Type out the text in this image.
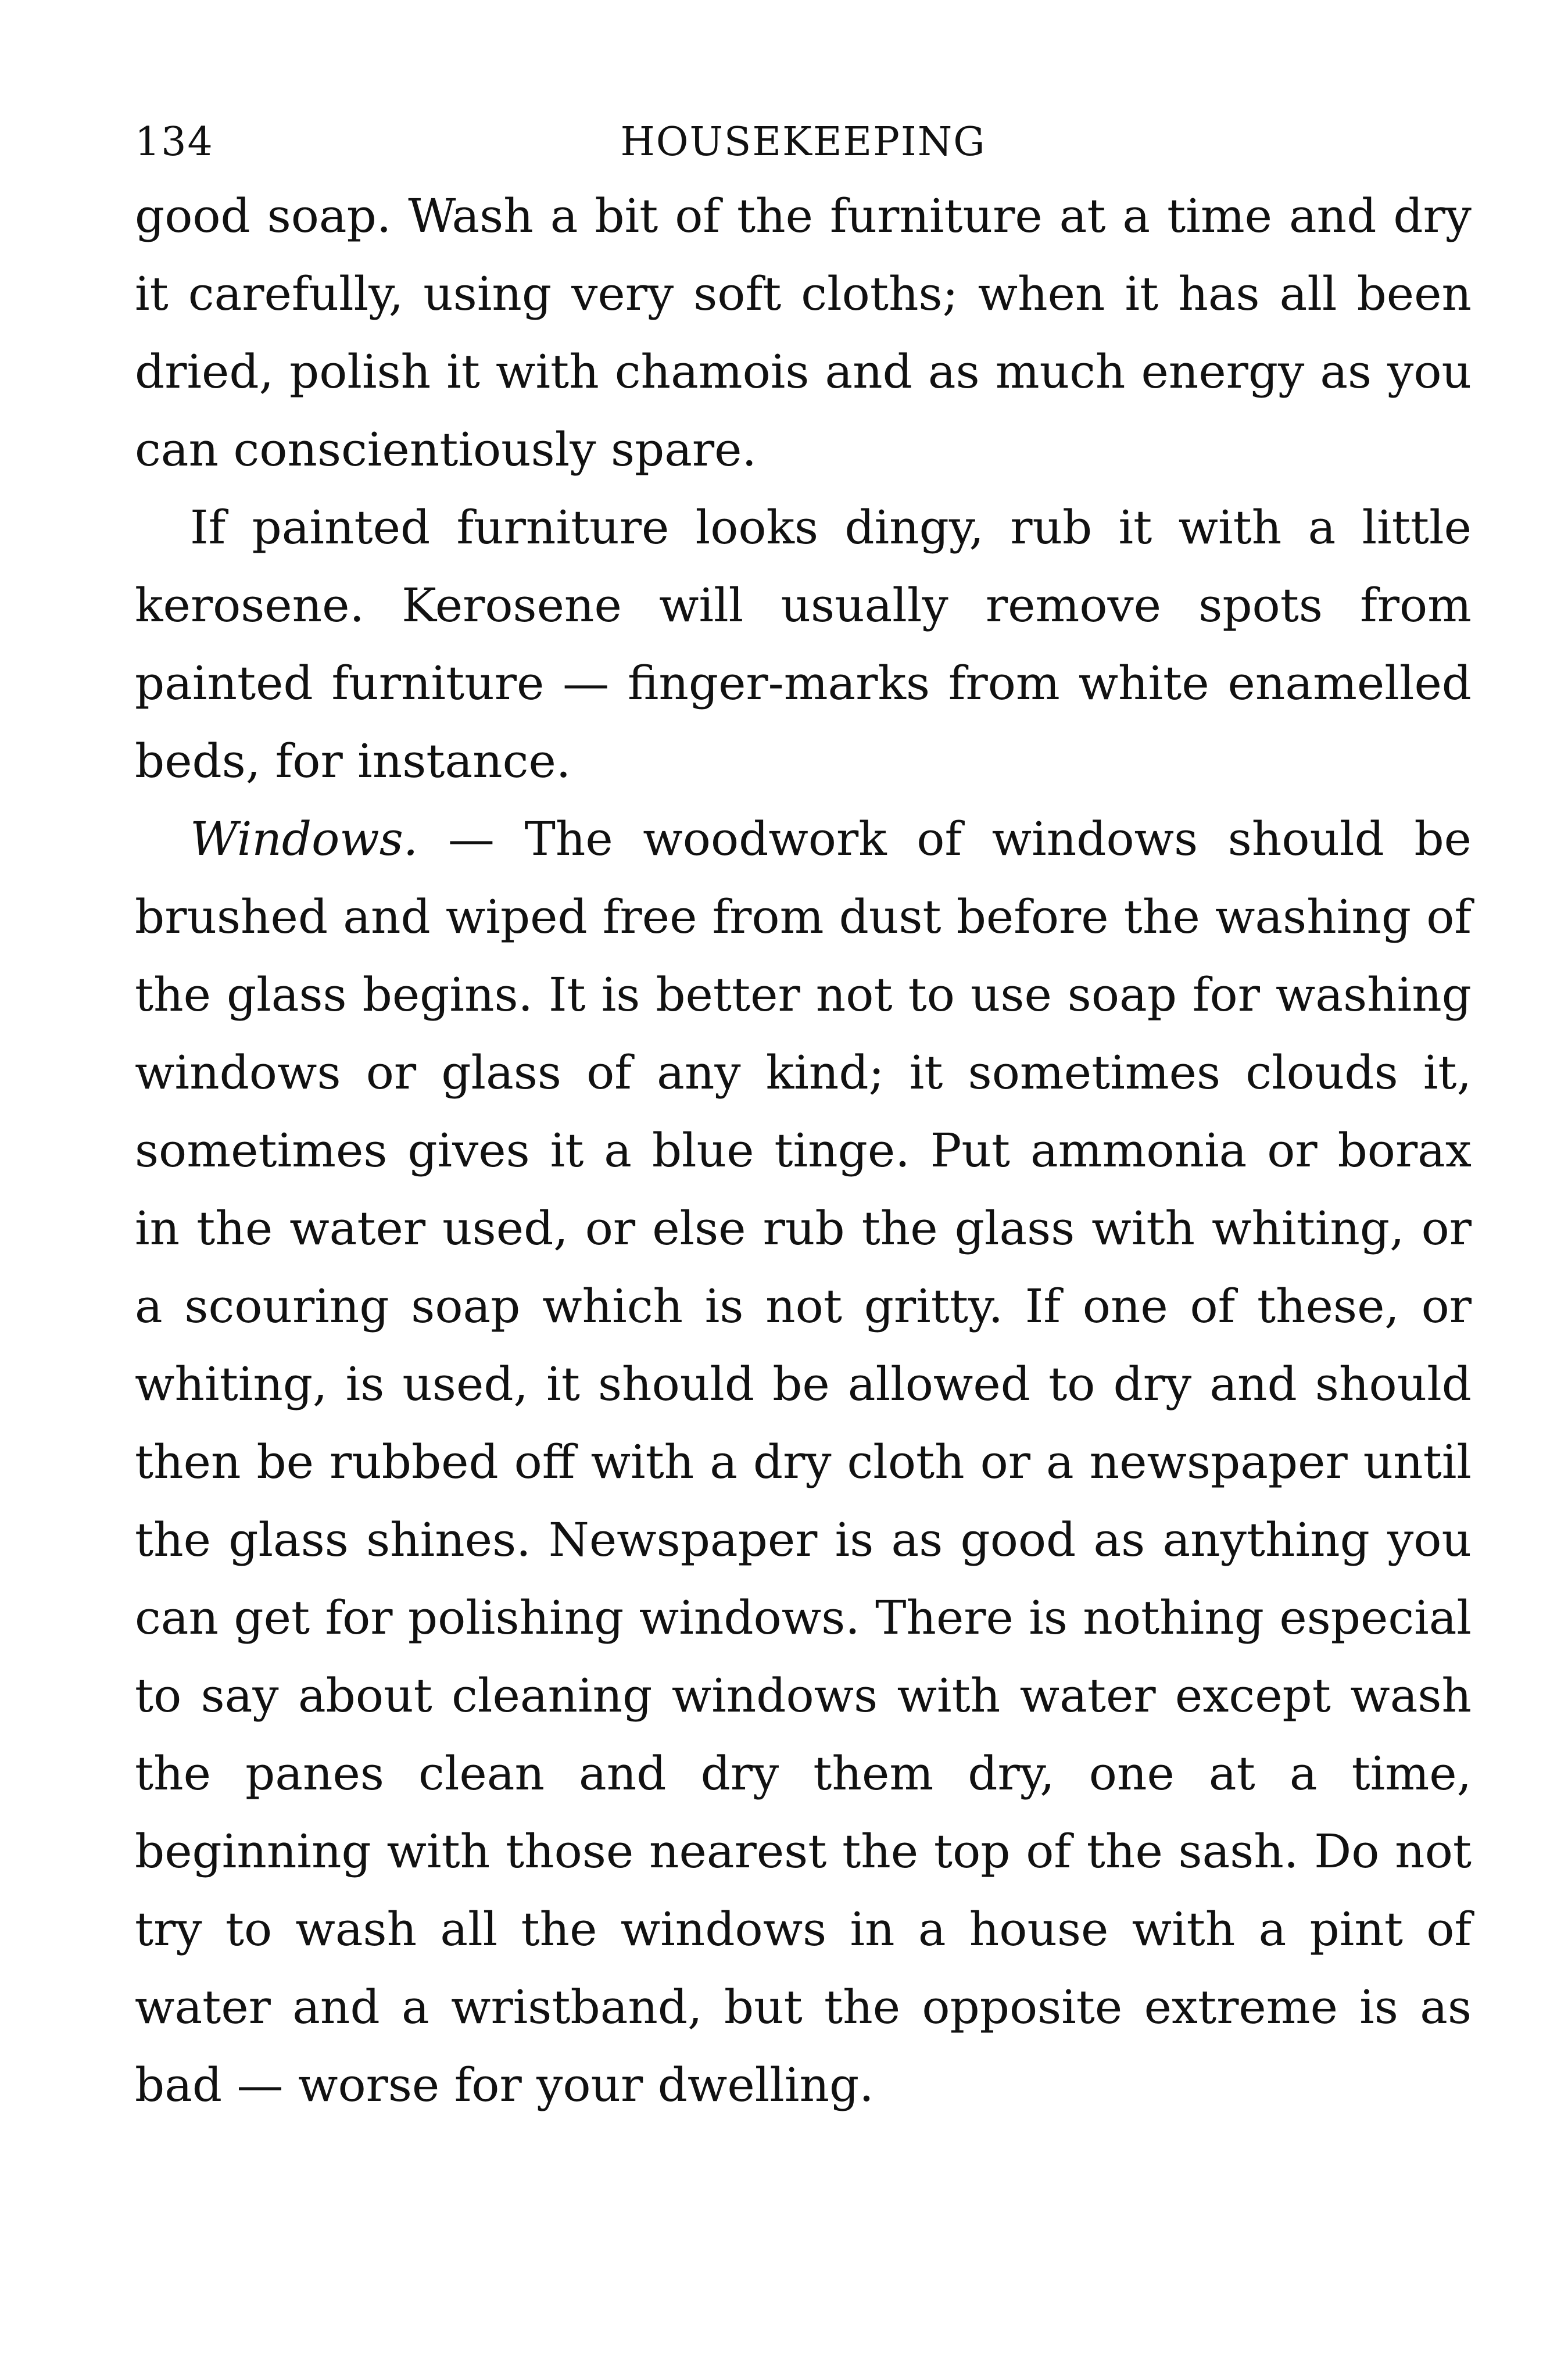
134	HOUSEKEEPING

good soap. Wash a bit of the furniture at a time and dry it carefully, using very soft cloths; when it has all been dried, polish it with chamois and as much energy as you can conscientiously spare.

If painted furniture looks dingy, rub it with a little kerosene. Kerosene will usually remove spots from painted furniture — finger-marks from white enamelled beds, for instance.

Windows. — The woodwork of windows should be brushed and wiped free from dust before the washing of the glass begins. It is better not to use soap for washing windows or glass of any kind; it sometimes clouds it, sometimes gives it a blue tinge. Put ammonia or borax in the water used, or else rub the glass with whiting, or a scouring soap which is not gritty. If one of these, or whiting, is used, it should be allowed to dry and should then be rubbed off with a dry cloth or a newspaper until the glass shines. Newspaper is as good as anything you can get for polishing windows. There is nothing especial to say about cleaning windows with water except wash the panes clean and dry them dry, one at a time, beginning with those nearest the top of the sash. Do not try to wash all the windows in a house with a pint of water and a wristband, but the opposite extreme is as bad — worse for your dwelling.
